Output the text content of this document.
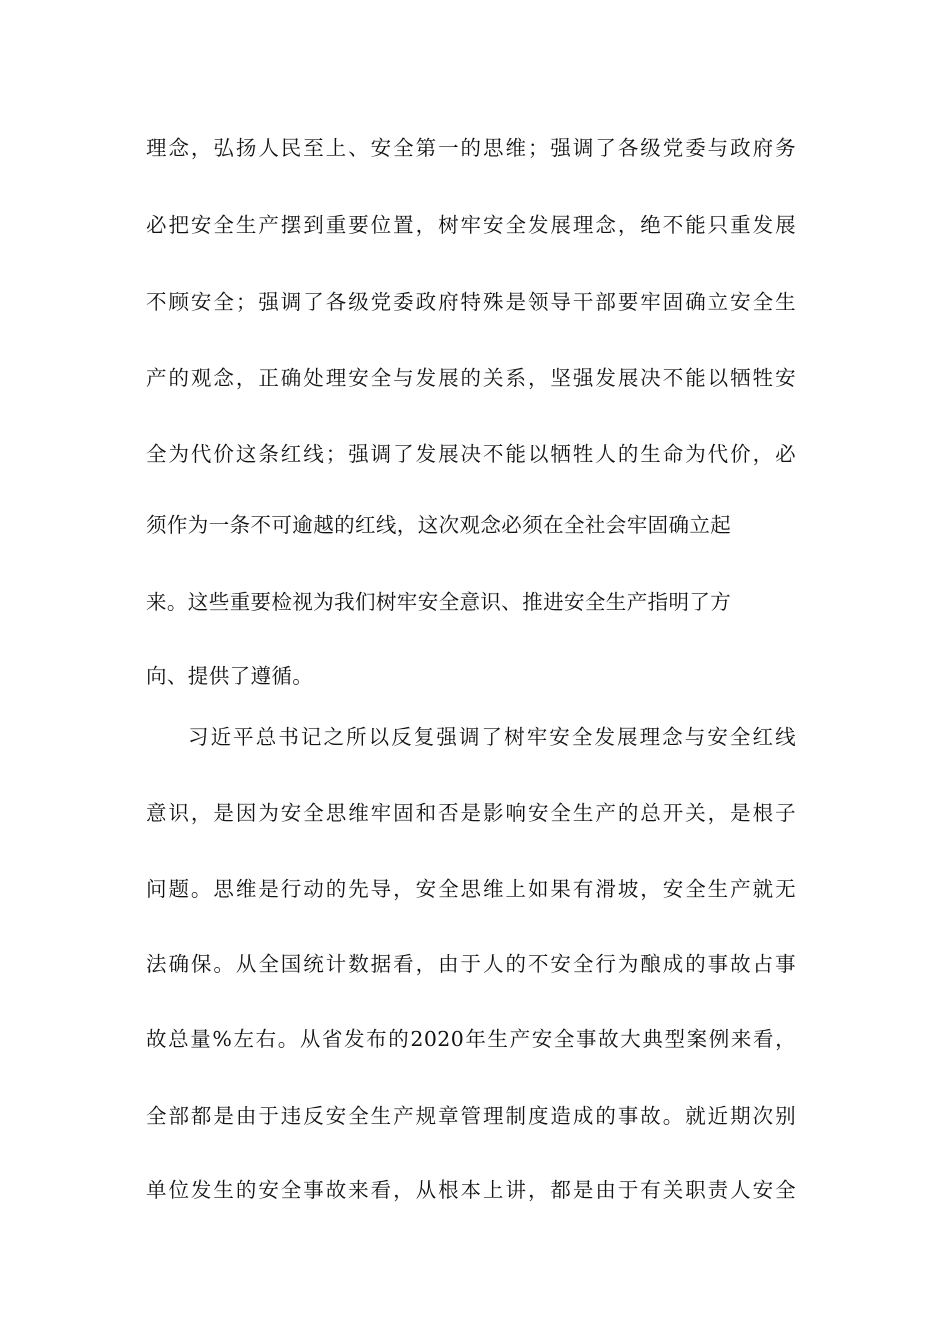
理念，弘扬人民至上、安全第一的思维；强调了各级党委与政府务
必把安全生产摆到重要位置，树牢安全发展理念，绝不能只重发展
不顾安全；强调了各级党委政府特殊是领导干部要牢固确立安全生
产的观念，正确处理安全与发展的关系，坚强发展决不能以牺牲安
全为代价这条红线；强调了发展决不能以牺牲人的生命为代价，必
须作为一条不可逾越的红线，这次观念必须在全社会牢固确立起
来。这些重要检视为我们树牢安全意识、推进安全生产指明了方
向、提供了遵循。
习近平总书记之所以反复强调了树牢安全发展理念与安全红线
意识，是因为安全思维牢固和否是影响安全生产的总开关，是根子
问题。思维是行动的先导，安全思维上如果有滑坡，安全生产就无
法确保。从全国统计数据看，由于人的不安全行为酿成的事故占事
故总量%左右。从省发布的2020年生产安全事故大典型案例来看，
全部都是由于违反安全生产规章管理制度造成的事故。就近期次别
单位发生的安全事故来看，从根本上讲，都是由于有关职责人安全
